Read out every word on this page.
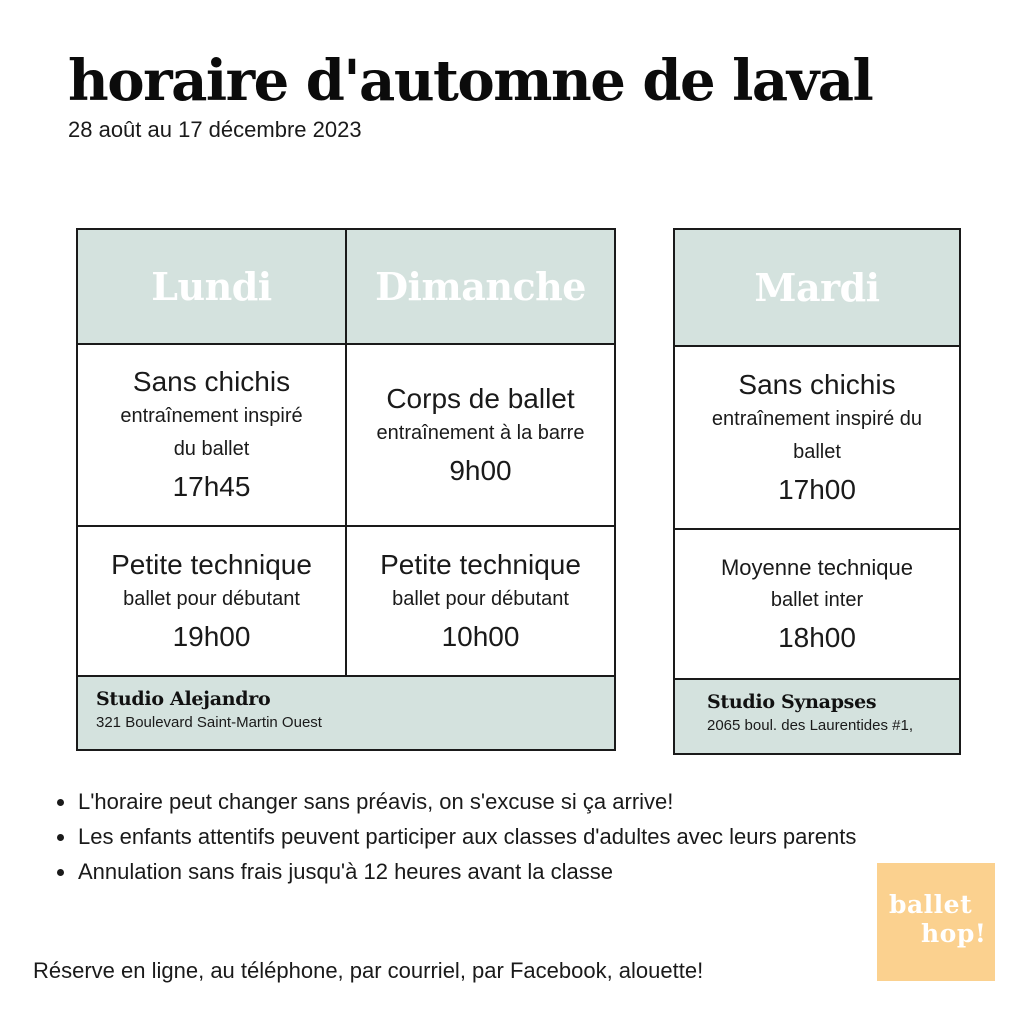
horaire d'automne de laval
28 août au 17 décembre 2023
Lundi	Dimanche
Sans chichis
entraînement inspiré
du ballet
17h45
Corps de ballet
entraînement à la barre
9h00
Petite technique
ballet pour débutant
19h00
Petite technique
ballet pour débutant
10h00
Studio Alejandro
321 Boulevard Saint-Martin Ouest
Mardi
Sans chichis
entraînement inspiré du
ballet
17h00
Moyenne technique
ballet inter
18h00
Studio Synapses
2065 boul. des Laurentides #1,
L'horaire peut changer sans préavis, on s'excuse si ça arrive!
Les enfants attentifs peuvent participer aux classes d'adultes avec leurs parents
Annulation sans frais jusqu'à 12 heures avant la classe
Réserve en ligne, au téléphone, par courriel, par Facebook, alouette!
ballet
hop!
